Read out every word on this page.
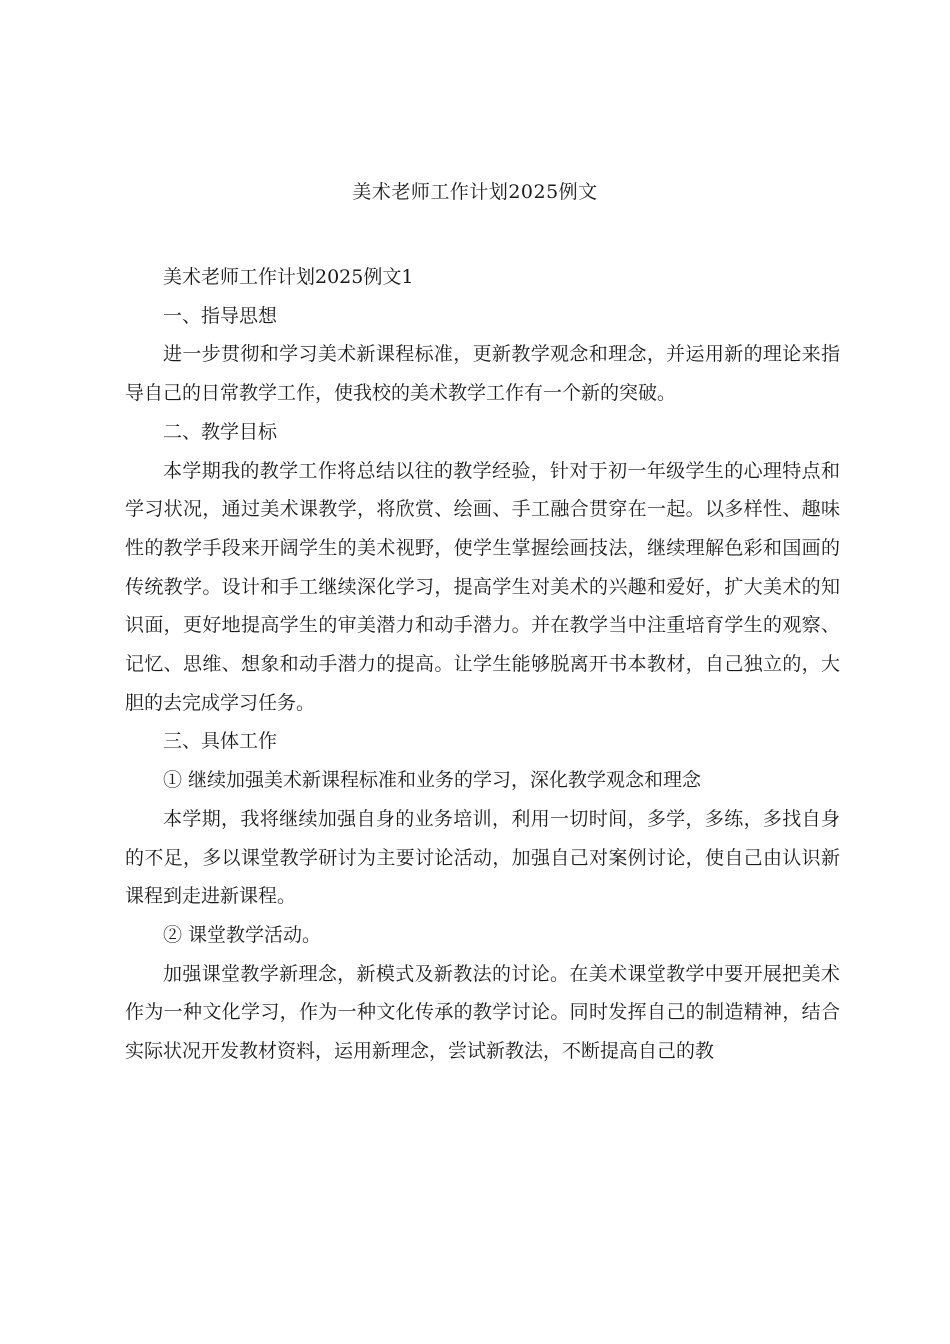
美术老师工作计划2025例文

美术老师工作计划2025例文1

一、指导思想

进一步贯彻和学习美术新课程标准，更新教学观念和理念，并运用新的理论来指导自己的日常教学工作，使我校的美术教学工作有一个新的突破。

二、教学目标

本学期我的教学工作将总结以往的教学经验，针对于初一年级学生的心理特点和学习状况，通过美术课教学，将欣赏、绘画、手工融合贯穿在一起。以多样性、趣味性的教学手段来开阔学生的美术视野，使学生掌握绘画技法，继续理解色彩和国画的传统教学。设计和手工继续深化学习，提高学生对美术的兴趣和爱好，扩大美术的知识面，更好地提高学生的审美潜力和动手潜力。并在教学当中注重培育学生的观察、记忆、思维、想象和动手潜力的提高。让学生能够脱离开书本教材，自己独立的，大胆的去完成学习任务。

三、具体工作

① 继续加强美术新课程标准和业务的学习，深化教学观念和理念

本学期，我将继续加强自身的业务培训，利用一切时间，多学，多练，多找自身的不足，多以课堂教学研讨为主要讨论活动，加强自己对案例讨论，使自己由认识新课程到走进新课程。

② 课堂教学活动。

加强课堂教学新理念，新模式及新教法的讨论。在美术课堂教学中要开展把美术作为一种文化学习，作为一种文化传承的教学讨论。同时发挥自己的制造精神，结合实际状况开发教材资料，运用新理念，尝试新教法，不断提高自己的教
